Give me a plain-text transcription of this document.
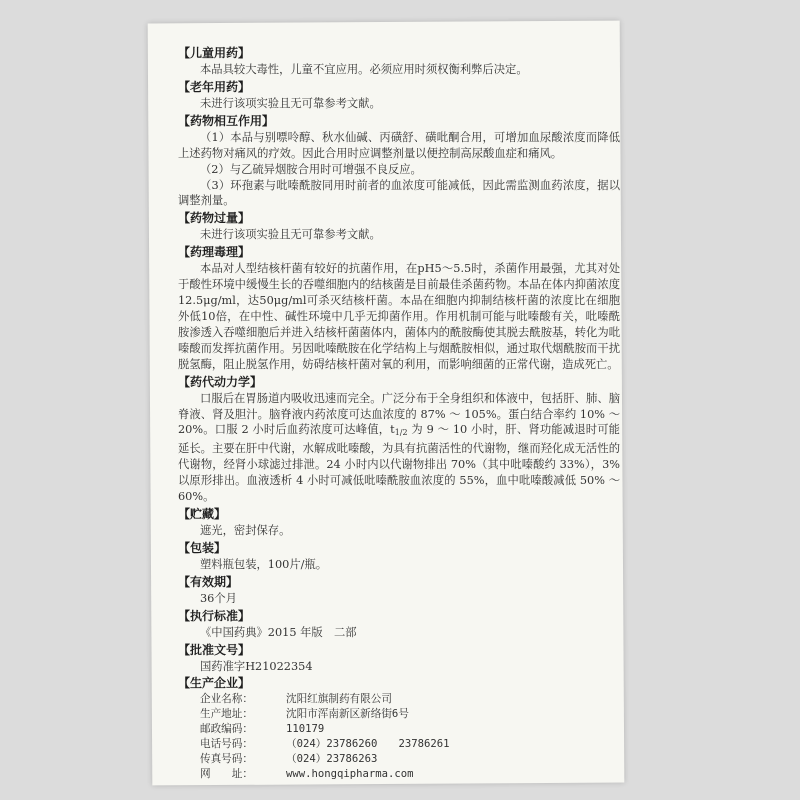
【儿童用药】

本品具较大毒性，儿童不宜应用。必须应用时须权衡利弊后决定。

【老年用药】

未进行该项实验且无可靠参考文献。

【药物相互作用】

（1）本品与别嘌呤醇、秋水仙碱、丙磺舒、磺吡酮合用，可增加血尿酸浓度而降低上述药物对痛风的疗效。因此合用时应调整剂量以便控制高尿酸血症和痛风。

（2）与乙硫异烟胺合用时可增强不良反应。

（3）环孢素与吡嗪酰胺同用时前者的血浓度可能减低，因此需监测血药浓度，据以调整剂量。

【药物过量】

未进行该项实验且无可靠参考文献。

【药理毒理】

本品对人型结核杆菌有较好的抗菌作用，在pH5～5.5时，杀菌作用最强，尤其对处于酸性环境中缓慢生长的吞噬细胞内的结核菌是目前最佳杀菌药物。本品在体内抑菌浓度12.5μg/ml，达50μg/ml可杀灭结核杆菌。本品在细胞内抑制结核杆菌的浓度比在细胞外低10倍，在中性、碱性环境中几乎无抑菌作用。作用机制可能与吡嗪酸有关，吡嗪酰胺渗透入吞噬细胞后并进入结核杆菌菌体内，菌体内的酰胺酶使其脱去酰胺基，转化为吡嗪酸而发挥抗菌作用。另因吡嗪酰胺在化学结构上与烟酰胺相似，通过取代烟酰胺而干扰脱氢酶，阻止脱氢作用，妨碍结核杆菌对氧的利用，而影响细菌的正常代谢，造成死亡。

【药代动力学】

口服后在胃肠道内吸收迅速而完全。广泛分布于全身组织和体液中，包括肝、肺、脑脊液、肾及胆汁。脑脊液内药浓度可达血浓度的 87% ～ 105%。蛋白结合率约 10% ～ 20%。口服 2 小时后血药浓度可达峰值，$t_{1/2}$ 为 9 ～ 10 小时，肝、肾功能减退时可能延长。主要在肝中代谢，水解成吡嗪酸，为具有抗菌活性的代谢物，继而羟化成无活性的代谢物，经肾小球滤过排泄。24 小时内以代谢物排出 70%（其中吡嗪酸约 33%），3% 以原形排出。血液透析 4 小时可减低吡嗪酰胺血浓度的 55%，血中吡嗪酸减低 50% ～ 60%。

【贮藏】

遮光，密封保存。

【包装】

塑料瓶包装，100片/瓶。

【有效期】

36个月

【执行标准】

《中国药典》2015 年版　二部

【批准文号】

国药准字H21022354

【生产企业】
企业名称：	沈阳红旗制药有限公司
生产地址：	沈阳市浑南新区新络街6号
邮政编码：	110179
电话号码：	（024）23786260　　23786261
传真号码：	（024）23786263
网　　址：	www.hongqipharma.com
